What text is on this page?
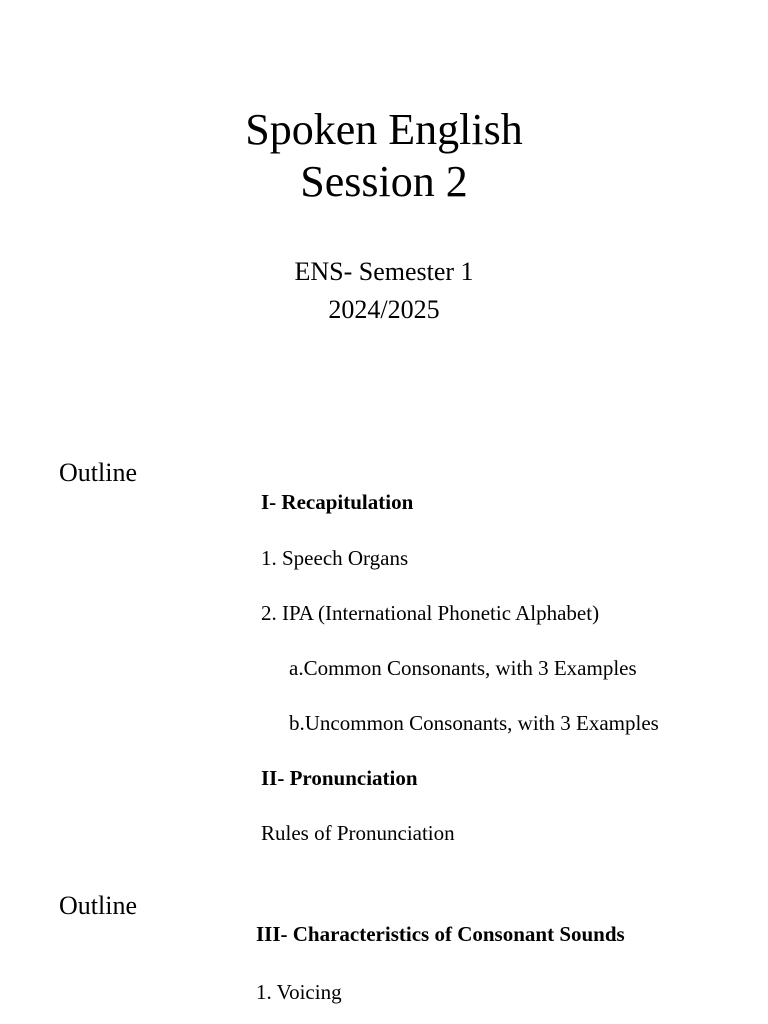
Spoken English
Session 2
ENS- Semester 1
2024/2025
Outline
I- Recapitulation
1. Speech Organs
2. IPA (International Phonetic Alphabet)
a.Common Consonants, with 3 Examples
b.Uncommon Consonants, with 3 Examples
II- Pronunciation
Rules of Pronunciation
Outline
III- Characteristics of Consonant Sounds
1. Voicing
